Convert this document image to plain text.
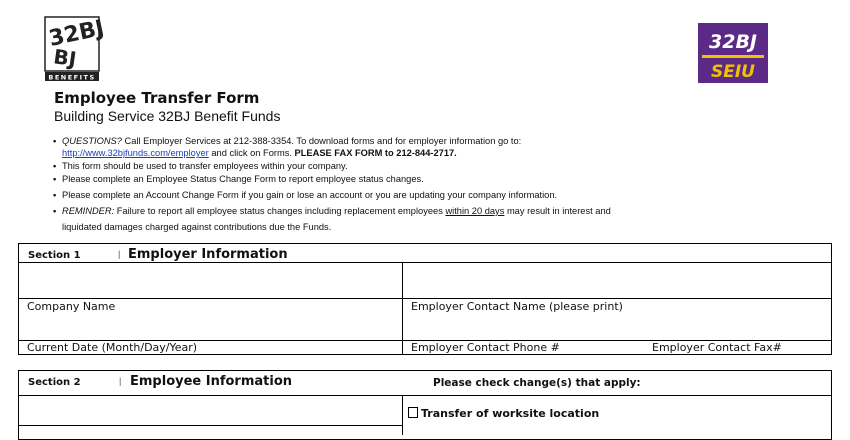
32BJ
BJ
BENEFITS
32BJ
SEIU
Employee Transfer Form
Building Service 32BJ Benefit Funds
• QUESTIONS? Call Employer Services at 212-388-3354. To download forms and for employer information go to:
http://www.32bjfunds.com/employer and click on Forms. PLEASE FAX FORM to 212-844-2717.
• This form should be used to transfer employees within your company.
• Please complete an Employee Status Change Form to report employee status changes.
• Please complete an Account Change Form if you gain or lose an account or you are updating your company information.
• REMINDER: Failure to report all employee status changes including replacement employees within 20 days may result in interest and
liquidated damages charged against contributions due the Funds.
Section 1	| Employer Information
Company Name	Employer Contact Name (please print)
Current Date (Month/Day/Year)	Employer Contact Phone #	Employer Contact Fax#
Section 2	| Employee Information	Please check change(s) that apply:
Transfer of worksite location
